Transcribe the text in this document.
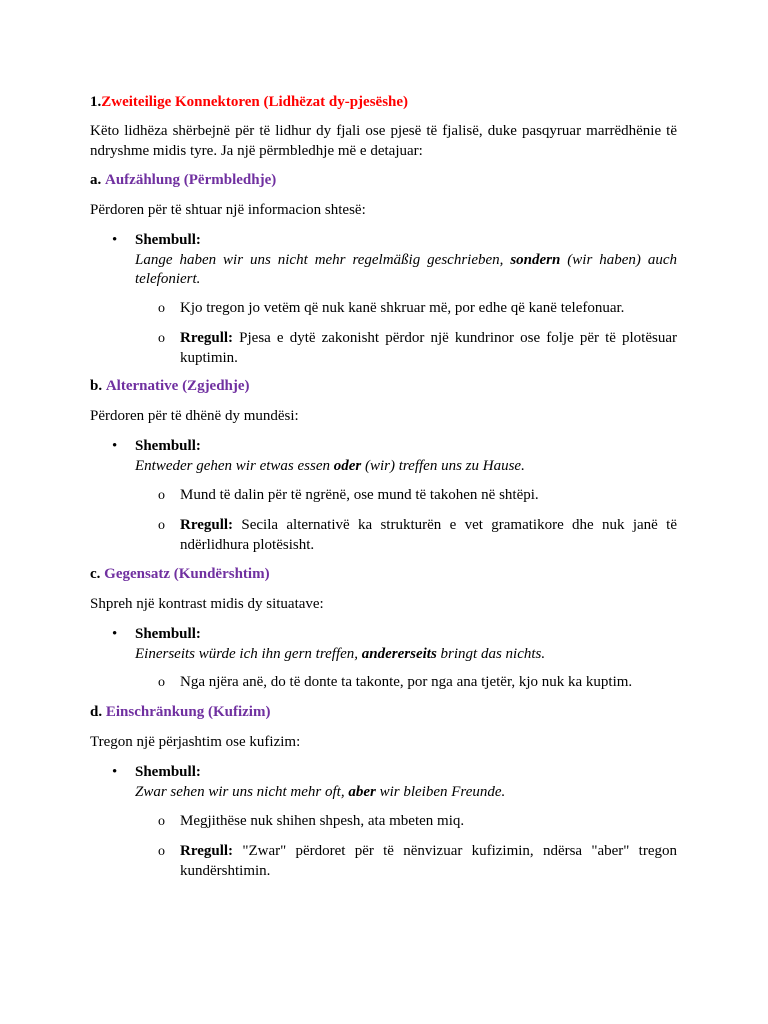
1.Zweiteilige Konnektoren (Lidhëzat dy-pjesëshe)

Këto lidhëza shërbejnë për të lidhur dy fjali ose pjesë të fjalisë, duke pasqyruar marrëdhënie të ndryshme midis tyre. Ja një përmbledhje më e detajuar:

a. Aufzählung (Përmbledhje)

Përdoren për të shtuar një informacion shtesë:

• Shembull:
Lange haben wir uns nicht mehr regelmäßig geschrieben, sondern (wir haben) auch telefoniert.
o Kjo tregon jo vetëm që nuk kanë shkruar më, por edhe që kanë telefonuar.
o Rregull: Pjesa e dytë zakonisht përdor një kundrinor ose folje për të plotësuar kuptimin.

b. Alternative (Zgjedhje)

Përdoren për të dhënë dy mundësi:

• Shembull:
Entweder gehen wir etwas essen oder (wir) treffen uns zu Hause.
o Mund të dalin për të ngrënë, ose mund të takohen në shtëpi.
o Rregull: Secila alternativë ka strukturën e vet gramatikore dhe nuk janë të ndërlidhura plotësisht.

c. Gegensatz (Kundërshtim)

Shpreh një kontrast midis dy situatave:

• Shembull:
Einerseits würde ich ihn gern treffen, andererseits bringt das nichts.
o Nga njëra anë, do të donte ta takonte, por nga ana tjetër, kjo nuk ka kuptim.

d. Einschränkung (Kufizim)

Tregon një përjashtim ose kufizim:

• Shembull:
Zwar sehen wir uns nicht mehr oft, aber wir bleiben Freunde.
o Megjithëse nuk shihen shpesh, ata mbeten miq.
o Rregull: "Zwar" përdoret për të nënvizuar kufizimin, ndërsa "aber" tregon kundërshtimin.
